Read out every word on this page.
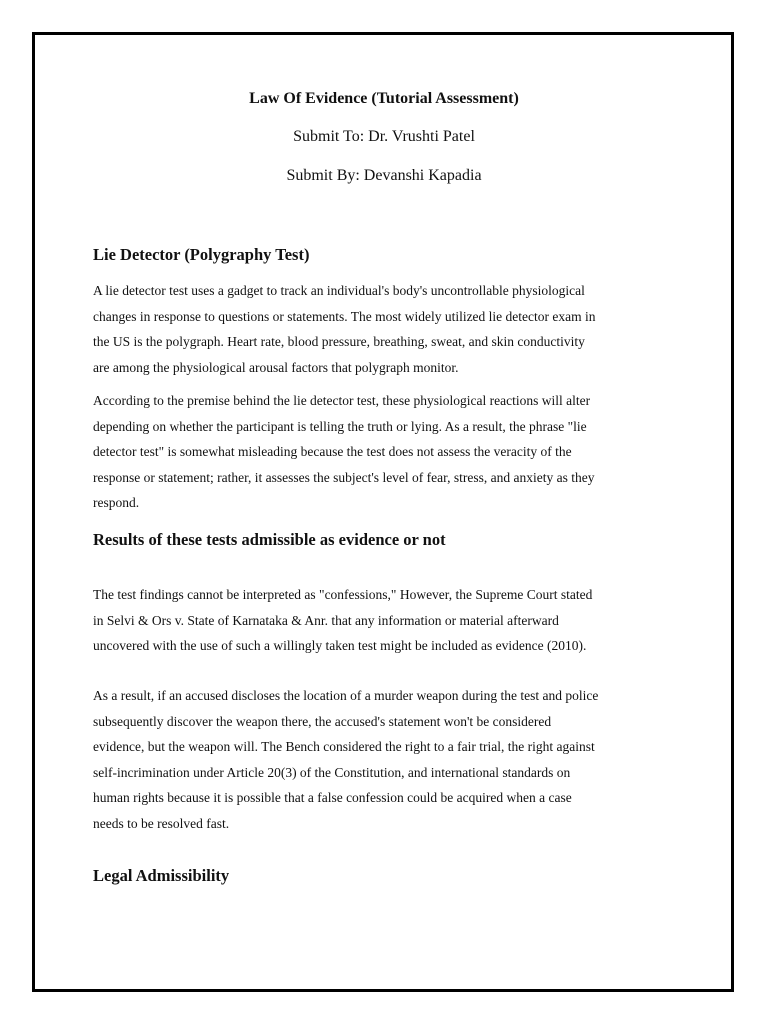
Law Of Evidence (Tutorial Assessment)
Submit To: Dr. Vrushti Patel
Submit By: Devanshi Kapadia
Lie Detector (Polygraphy Test)
A lie detector test uses a gadget to track an individual's body's uncontrollable physiological
changes in response to questions or statements. The most widely utilized lie detector exam in
the US is the polygraph. Heart rate, blood pressure, breathing, sweat, and skin conductivity
are among the physiological arousal factors that polygraph monitor.
According to the premise behind the lie detector test, these physiological reactions will alter
depending on whether the participant is telling the truth or lying. As a result, the phrase "lie
detector test" is somewhat misleading because the test does not assess the veracity of the
response or statement; rather, it assesses the subject's level of fear, stress, and anxiety as they
respond.
Results of these tests admissible as evidence or not
The test findings cannot be interpreted as "confessions," However, the Supreme Court stated
in Selvi & Ors v. State of Karnataka & Anr. that any information or material afterward
uncovered with the use of such a willingly taken test might be included as evidence (2010).
As a result, if an accused discloses the location of a murder weapon during the test and police
subsequently discover the weapon there, the accused's statement won't be considered
evidence, but the weapon will. The Bench considered the right to a fair trial, the right against
self-incrimination under Article 20(3) of the Constitution, and international standards on
human rights because it is possible that a false confession could be acquired when a case
needs to be resolved fast.
Legal Admissibility
